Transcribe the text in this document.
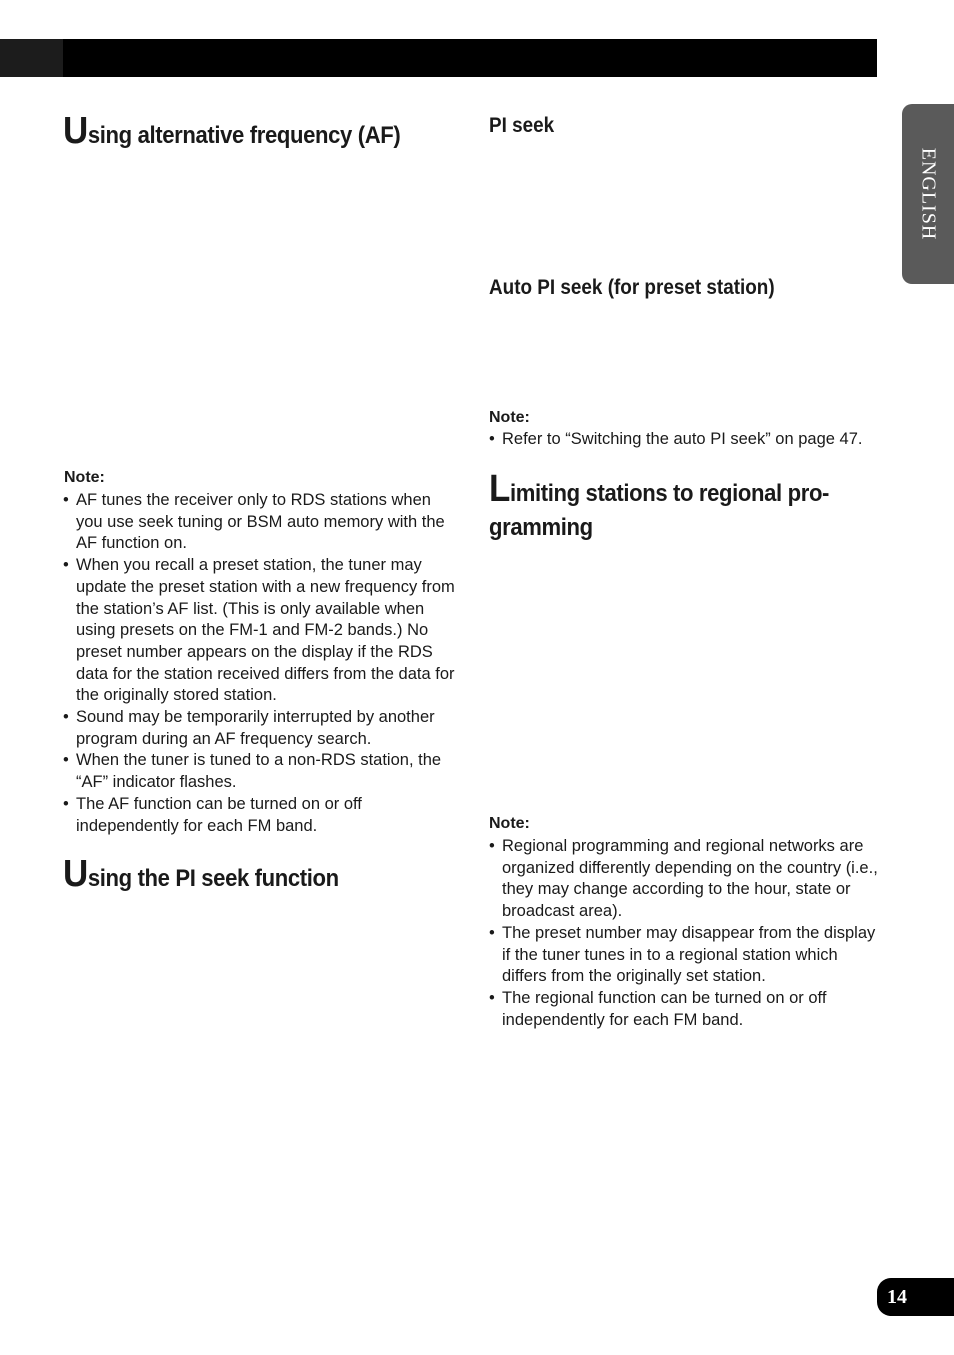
ENGLISH
Using alternative frequency (AF)
Note:
• AF tunes the receiver only to RDS stations when you use seek tuning or BSM auto memory with the AF function on.
• When you recall a preset station, the tuner may update the preset station with a new frequency from the station’s AF list. (This is only available when using presets on the FM-1 and FM-2 bands.) No preset number appears on the display if the RDS data for the station received differs from the data for the originally stored station.
• Sound may be temporarily interrupted by another program during an AF frequency search.
• When the tuner is tuned to a non-RDS station, the “AF” indicator flashes.
• The AF function can be turned on or off independently for each FM band.
Using the PI seek function
PI seek
Auto PI seek (for preset station)
Note:
• Refer to “Switching the auto PI seek” on page 47.
Limiting stations to regional pro-
gramming
Note:
• Regional programming and regional networks are organized differently depending on the country (i.e., they may change according to the hour, state or broadcast area).
• The preset number may disappear from the display if the tuner tunes in to a regional station which differs from the originally set station.
• The regional function can be turned on or off independently for each FM band.
14
